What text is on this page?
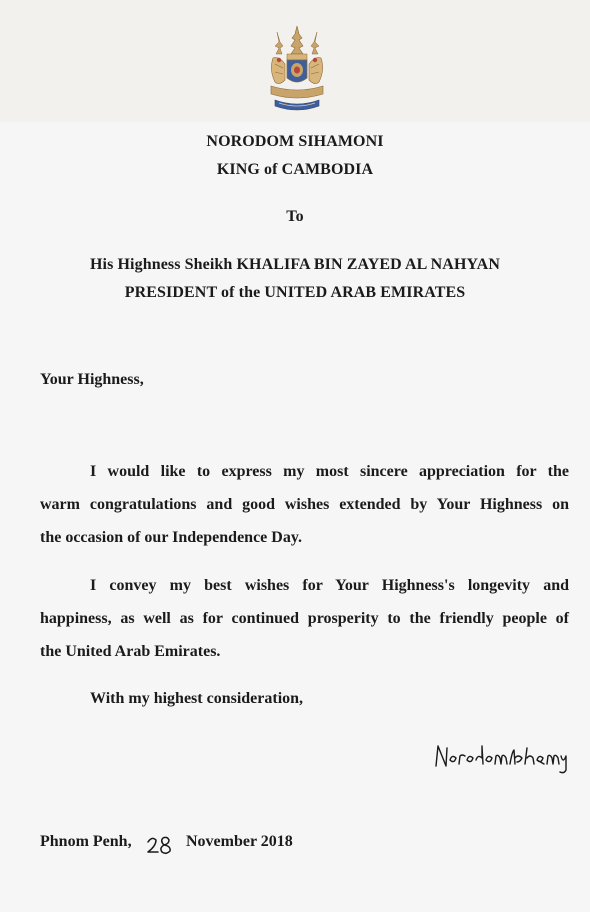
NORODOM SIHAMONI
KING of CAMBODIA
To
His Highness Sheikh KHALIFA BIN ZAYED AL NAHYAN
PRESIDENT of the UNITED ARAB EMIRATES
Your Highness,
I would like to express my most sincere appreciation for the
warm congratulations and good wishes extended by Your Highness on
the occasion of our Independence Day.
I convey my best wishes for Your Highness's longevity and
happiness, as well as for continued prosperity to the friendly people of
the United Arab Emirates.
With my highest consideration,
Phnom Penh,	November 2018
